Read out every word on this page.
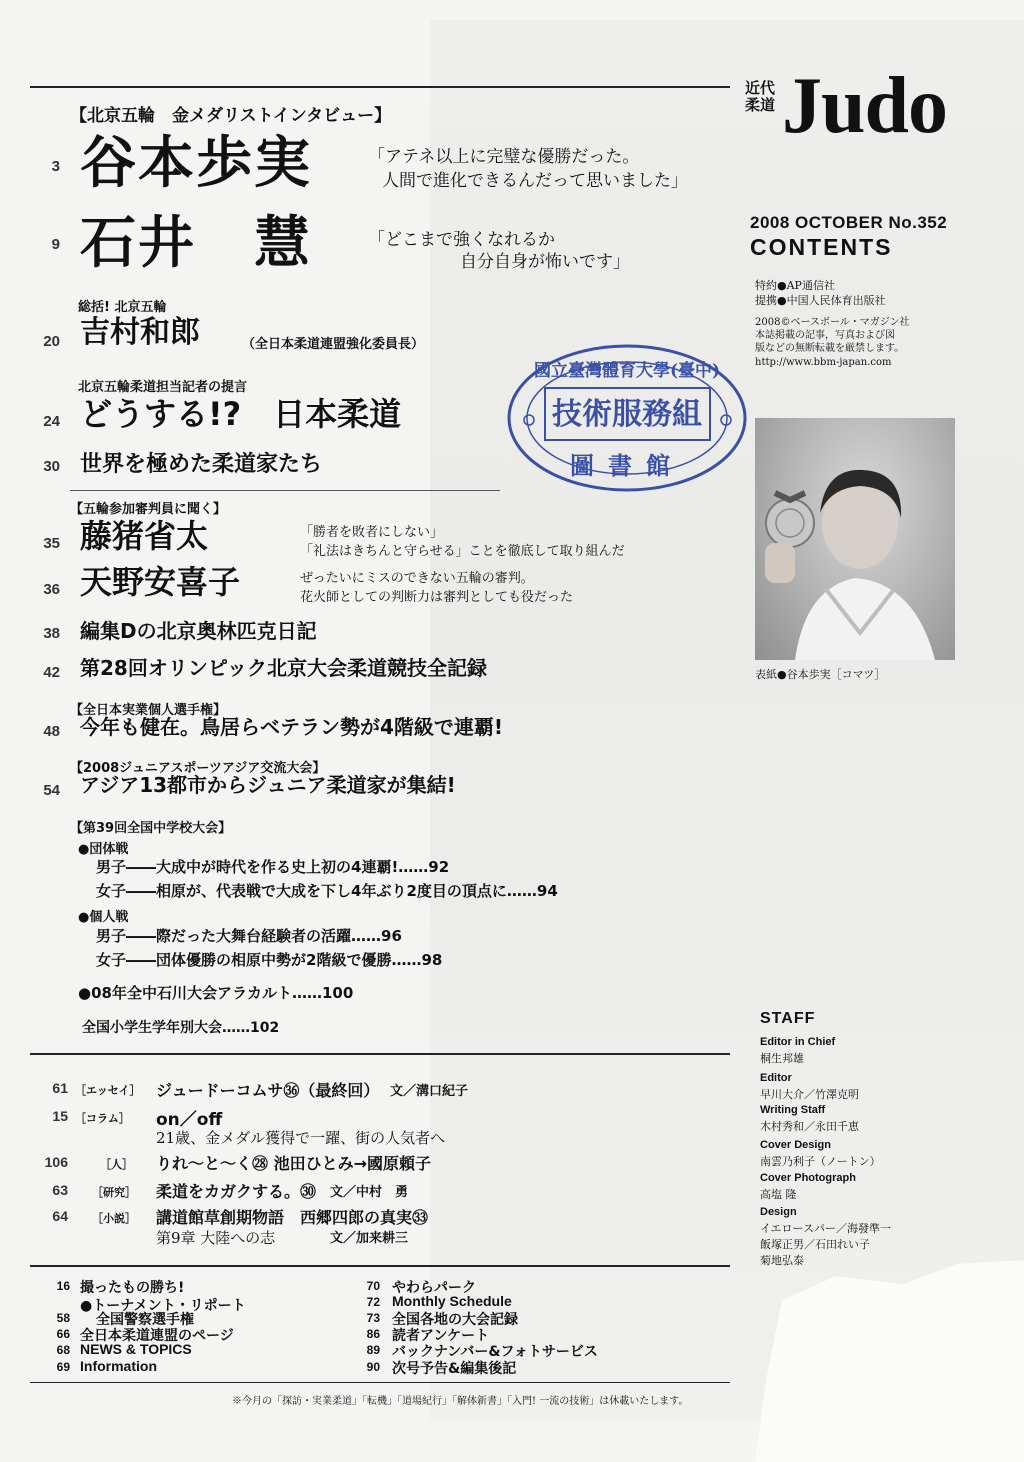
近代柔道 Judo
2008 OCTOBER No.352
CONTENTS
特約●AP通信社
提携●中国人民体育出版社
2008©ベースボール・マガジン社
本誌掲載の記事，写真および図
版などの無断転載を厳禁します。
http://www.bbm-japan.com
表紙●谷本歩実［コマツ］
國立臺灣體育大學(臺中)
技術服務組
圖書館
【北京五輪　金メダリストインタビュー】
3 谷本歩実	「アテネ以上に完璧な優勝だった。
人間で進化できるんだって思いました」
9 石井　慧	「どこまで強くなれるか
自分自身が怖いです」
総括! 北京五輪
20 吉村和郎	（全日本柔道連盟強化委員長）
北京五輪柔道担当記者の提言
24 どうする!?　日本柔道
30 世界を極めた柔道家たち
【五輪参加審判員に聞く】
35 藤猪省太	「勝者を敗者にしない」
「礼法はきちんと守らせる」ことを徹底して取り組んだ
36 天野安喜子	ぜったいにミスのできない五輪の審判。
花火師としての判断力は審判としても役だった
38 編集Dの北京奥林匹克日記
42 第28回オリンピック北京大会柔道競技全記録
【全日本実業個人選手権】
48 今年も健在。鳥居らベテラン勢が4階級で連覇!
【2008ジュニアスポーツアジア交流大会】
54 アジア13都市からジュニア柔道家が集結!
【第39回全国中学校大会】
●団体戦
男子――大成中が時代を作る史上初の4連覇!……92
女子――相原が、代表戦で大成を下し4年ぶり2度目の頂点に……94
●個人戦
男子――際だった大舞台経験者の活躍……96
女子――団体優勝の相原中勢が2階級で優勝……98
●08年全中石川大会アラカルト……100
全国小学生学年別大会……102
61 ［エッセイ］ ジュードーコムサ㊱（最終回） 文／溝口紀子
15 ［コラム］ on／off
21歳、金メダル獲得で一躍、街の人気者へ
106	［人］ りれ～と～く㉘ 池田ひとみ→國原頼子
63 ［研究］ 柔道をカガクする。㉚ 文／中村　勇
64 ［小説］ 講道館草創期物語　西郷四郎の真実㉝
第9章 大陸への志	文／加来耕三
16 撮ったもの勝ち!
●トーナメント・リポート
58 全国警察選手権
66 全日本柔道連盟のページ
68 NEWS & TOPICS
69 Information
70 やわらパーク
72 Monthly Schedule
73 全国各地の大会記録
86 読者アンケート
89 バックナンバー&フォトサービス
90 次号予告&編集後記
※今月の「探訪・実業柔道」「転機」「道場紀行」「解体新書」「入門! 一流の技術」は休載いたします。
STAFF
Editor in Chief
桐生邦雄
Editor
早川大介／竹澤克明
Writing Staff
木村秀和／永田千恵
Cover Design
南雲乃利子（ノートン）
Cover Photograph
高塩 隆
Design
イエロースパー／海發準一
飯塚正男／石田れい子
菊地弘泰
